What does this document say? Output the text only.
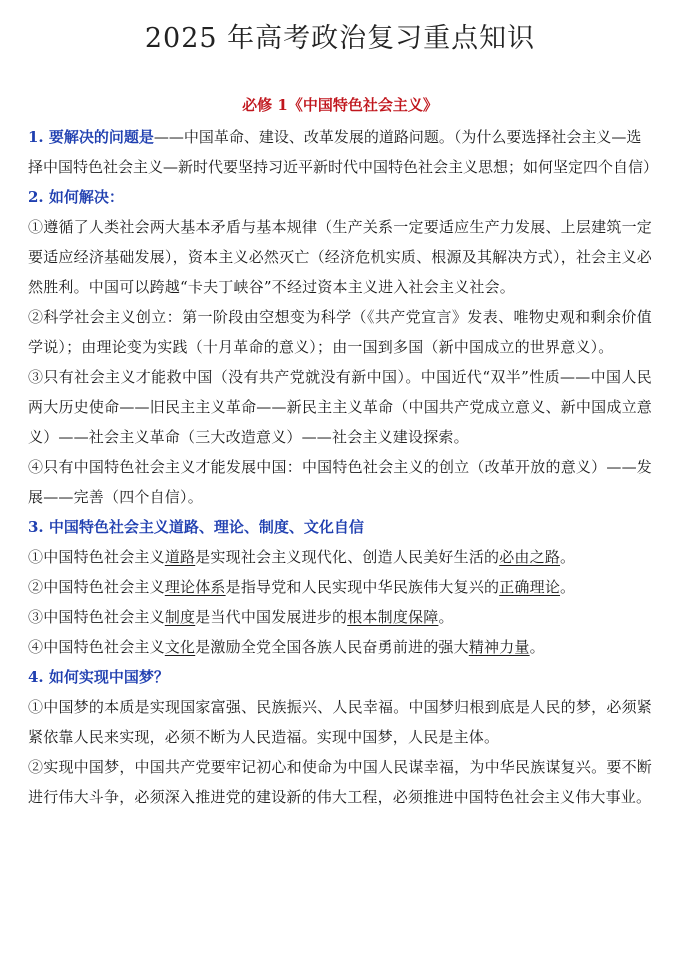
2025 年高考政治复习重点知识
必修 1《中国特色社会主义》

1. 要解决的问题是——中国革命、建设、改革发展的道路问题。（为什么要选择社会主义—选择中国特色社会主义—新时代要坚持习近平新时代中国特色社会主义思想；如何坚定四个自信）

2. 如何解决：

①遵循了人类社会两大基本矛盾与基本规律（生产关系一定要适应生产力发展、上层建筑一定要适应经济基础发展），资本主义必然灭亡（经济危机实质、根源及其解决方式），社会主义必然胜利。中国可以跨越“卡夫丁峡谷”不经过资本主义进入社会主义社会。

②科学社会主义创立：第一阶段由空想变为科学（《共产党宣言》发表、唯物史观和剩余价值学说）；由理论变为实践（十月革命的意义）；由一国到多国（新中国成立的世界意义）。

③只有社会主义才能救中国（没有共产党就没有新中国）。中国近代“双半”性质——中国人民两大历史使命——旧民主主义革命——新民主主义革命（中国共产党成立意义、新中国成立意义）——社会主义革命（三大改造意义）——社会主义建设探索。

④只有中国特色社会主义才能发展中国：中国特色社会主义的创立（改革开放的意义）——发展——完善（四个自信）。

3. 中国特色社会主义道路、理论、制度、文化自信

①中国特色社会主义道路是实现社会主义现代化、创造人民美好生活的必由之路。

②中国特色社会主义理论体系是指导党和人民实现中华民族伟大复兴的正确理论。

③中国特色社会主义制度是当代中国发展进步的根本制度保障。

④中国特色社会主义文化是激励全党全国各族人民奋勇前进的强大精神力量。

4. 如何实现中国梦？

①中国梦的本质是实现国家富强、民族振兴、人民幸福。中国梦归根到底是人民的梦，必须紧紧依靠人民来实现，必须不断为人民造福。实现中国梦，人民是主体。

②实现中国梦，中国共产党要牢记初心和使命为中国人民谋幸福，为中华民族谋复兴。要不断进行伟大斗争，必须深入推进党的建设新的伟大工程，必须推进中国特色社会主义伟大事业。
